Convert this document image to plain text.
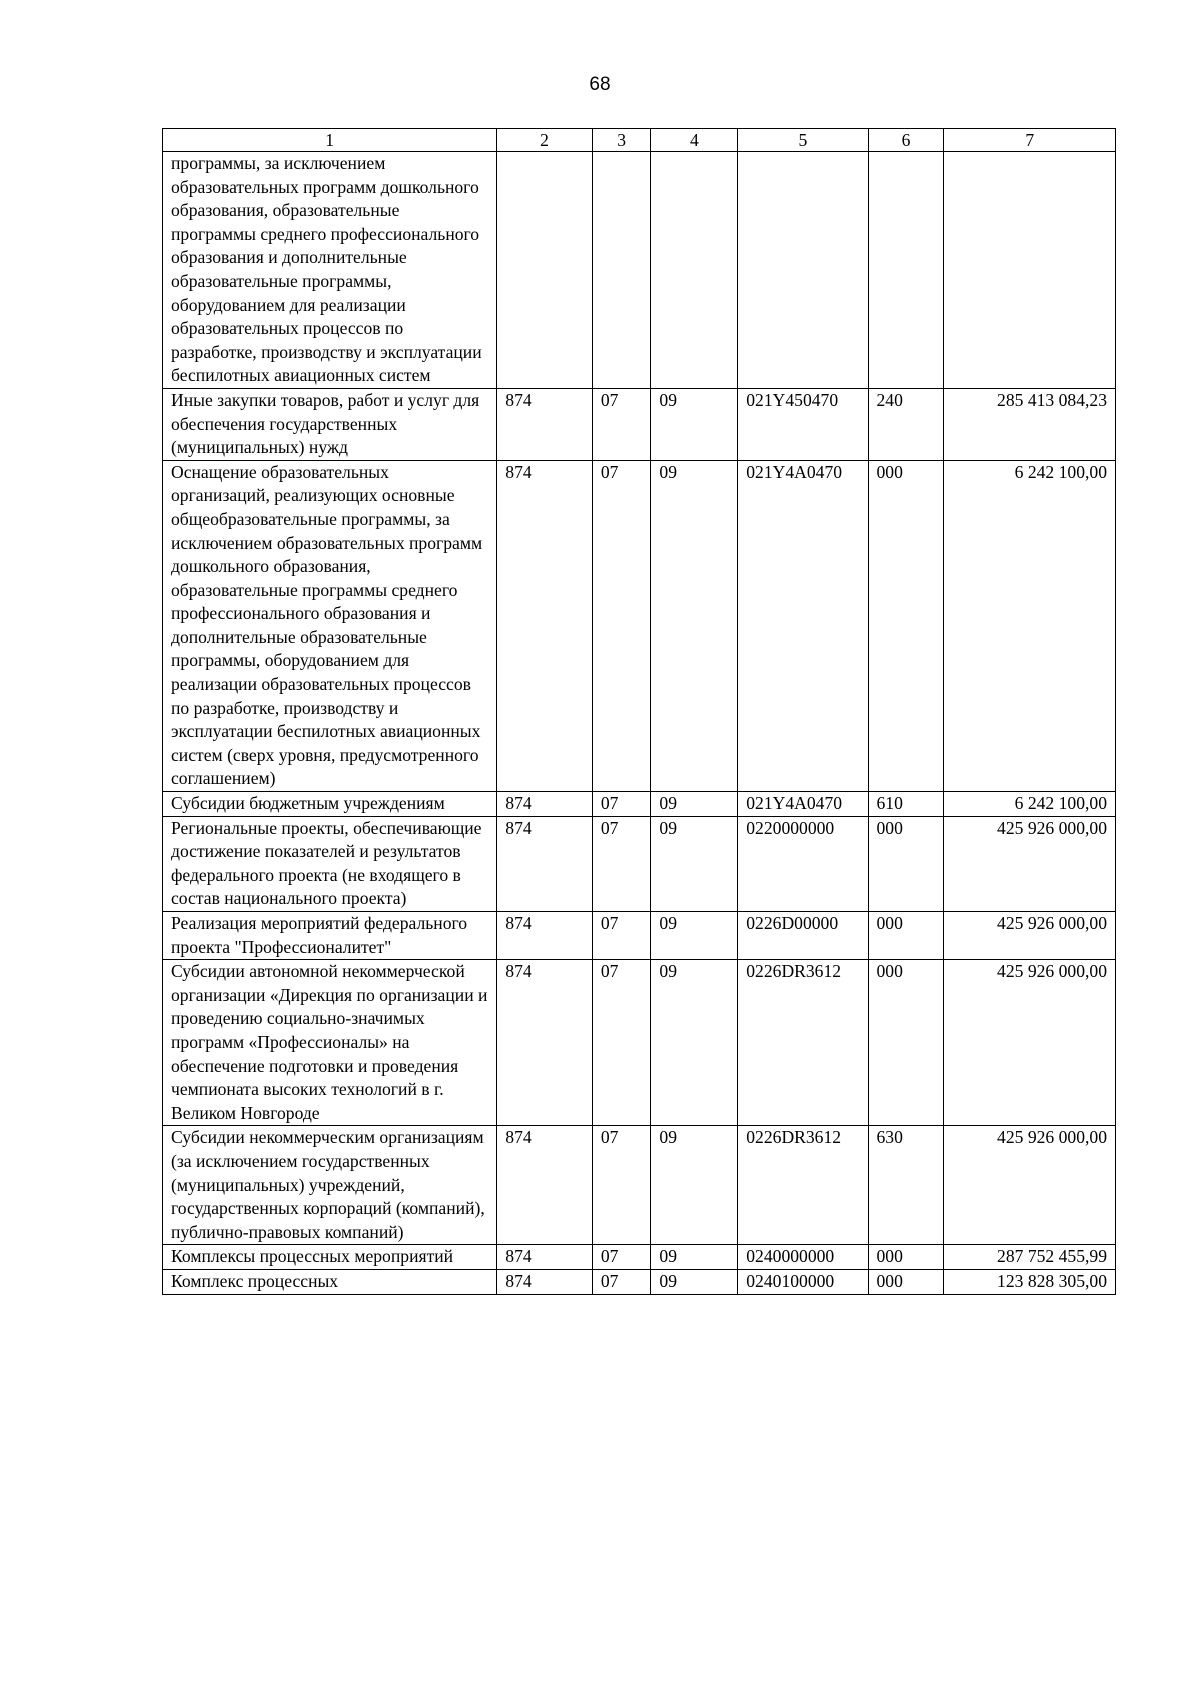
68
1	2	3	4	5	6	7
программы, за исключением образовательных программ дошкольного образования, образовательные программы среднего профессионального образования и дополнительные образовательные программы, оборудованием для реализации образовательных процессов по разработке, производству и эксплуатации беспилотных авиационных систем						
Иные закупки товаров, работ и услуг для обеспечения государственных (муниципальных) нужд	874	07	09	021Y450470	240	285 413 084,23
Оснащение образовательных организаций, реализующих основные общеобразовательные программы, за исключением образовательных программ дошкольного образования, образовательные программы среднего профессионального образования и дополнительные образовательные программы, оборудованием для реализации образовательных процессов по разработке, производству и эксплуатации беспилотных авиационных систем (сверх уровня, предусмотренного соглашением)	874	07	09	021Y4A0470	000	6 242 100,00
Субсидии бюджетным учреждениям	874	07	09	021Y4A0470	610	6 242 100,00
Региональные проекты, обеспечивающие достижение показателей и результатов федерального проекта (не входящего в состав национального проекта)	874	07	09	0220000000	000	425 926 000,00
Реализация мероприятий федерального проекта "Профессионалитет"	874	07	09	0226D00000	000	425 926 000,00
Субсидии автономной некоммерческой организации «Дирекция по организации и проведению социально-значимых программ «Профессионалы» на обеспечение подготовки и проведения чемпионата высоких технологий в г. Великом Новгороде	874	07	09	0226DR3612	000	425 926 000,00
Субсидии некоммерческим организациям (за исключением государственных (муниципальных) учреждений, государственных корпораций (компаний), публично-правовых компаний)	874	07	09	0226DR3612	630	425 926 000,00
Комплексы процессных мероприятий	874	07	09	0240000000	000	287 752 455,99
Комплекс процессных	874	07	09	0240100000	000	123 828 305,00
